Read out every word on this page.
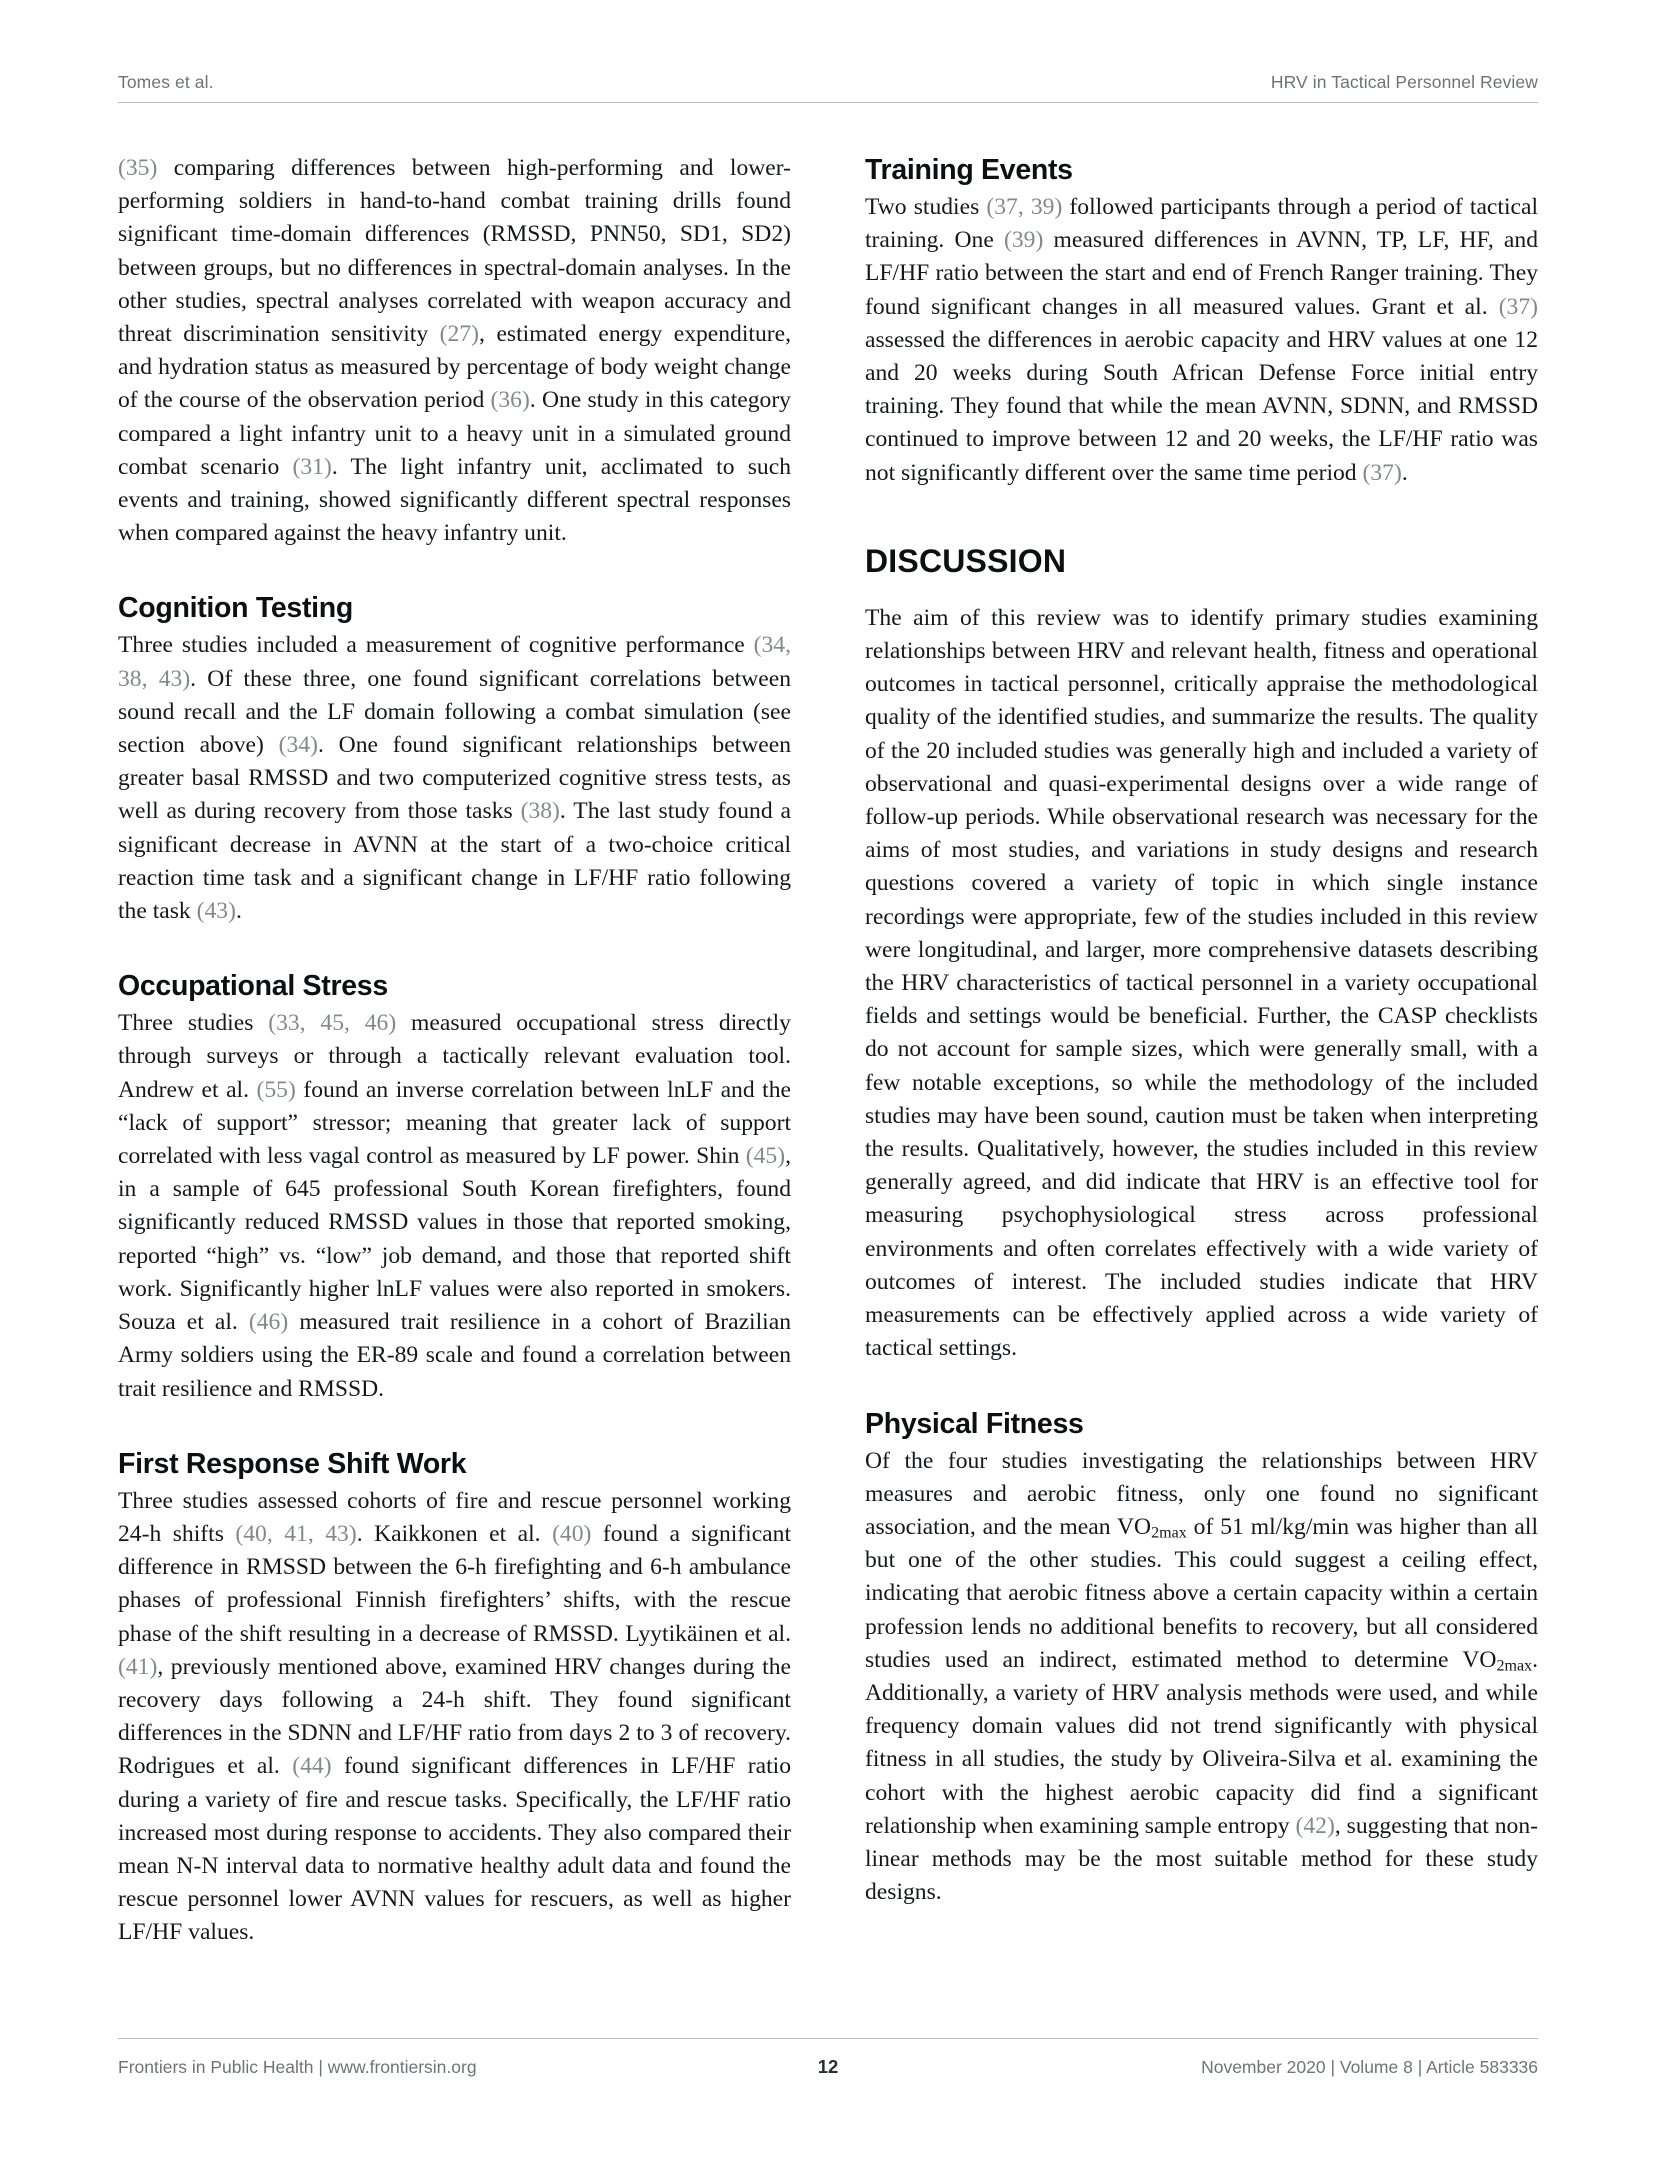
Tomes et al.	HRV in Tactical Personnel Review

(35) comparing differences between high-performing and lower-performing soldiers in hand-to-hand combat training drills found significant time-domain differences (RMSSD, PNN50, SD1, SD2) between groups, but no differences in spectral-domain analyses. In the other studies, spectral analyses correlated with weapon accuracy and threat discrimination sensitivity (27), estimated energy expenditure, and hydration status as measured by percentage of body weight change of the course of the observation period (36). One study in this category compared a light infantry unit to a heavy unit in a simulated ground combat scenario (31). The light infantry unit, acclimated to such events and training, showed significantly different spectral responses when compared against the heavy infantry unit.

Cognition Testing

Three studies included a measurement of cognitive performance (34, 38, 43). Of these three, one found significant correlations between sound recall and the LF domain following a combat simulation (see section above) (34). One found significant relationships between greater basal RMSSD and two computerized cognitive stress tests, as well as during recovery from those tasks (38). The last study found a significant decrease in AVNN at the start of a two-choice critical reaction time task and a significant change in LF/HF ratio following the task (43).

Occupational Stress

Three studies (33, 45, 46) measured occupational stress directly through surveys or through a tactically relevant evaluation tool. Andrew et al. (55) found an inverse correlation between lnLF and the “lack of support” stressor; meaning that greater lack of support correlated with less vagal control as measured by LF power. Shin (45), in a sample of 645 professional South Korean firefighters, found significantly reduced RMSSD values in those that reported smoking, reported “high” vs. “low” job demand, and those that reported shift work. Significantly higher lnLF values were also reported in smokers. Souza et al. (46) measured trait resilience in a cohort of Brazilian Army soldiers using the ER-89 scale and found a correlation between trait resilience and RMSSD.

First Response Shift Work

Three studies assessed cohorts of fire and rescue personnel working 24-h shifts (40, 41, 43). Kaikkonen et al. (40) found a significant difference in RMSSD between the 6-h firefighting and 6-h ambulance phases of professional Finnish firefighters’ shifts, with the rescue phase of the shift resulting in a decrease of RMSSD. Lyytikäinen et al. (41), previously mentioned above, examined HRV changes during the recovery days following a 24-h shift. They found significant differences in the SDNN and LF/HF ratio from days 2 to 3 of recovery. Rodrigues et al. (44) found significant differences in LF/HF ratio during a variety of fire and rescue tasks. Specifically, the LF/HF ratio increased most during response to accidents. They also compared their mean N-N interval data to normative healthy adult data and found the rescue personnel lower AVNN values for rescuers, as well as higher LF/HF values.

Training Events

Two studies (37, 39) followed participants through a period of tactical training. One (39) measured differences in AVNN, TP, LF, HF, and LF/HF ratio between the start and end of French Ranger training. They found significant changes in all measured values. Grant et al. (37) assessed the differences in aerobic capacity and HRV values at one 12 and 20 weeks during South African Defense Force initial entry training. They found that while the mean AVNN, SDNN, and RMSSD continued to improve between 12 and 20 weeks, the LF/HF ratio was not significantly different over the same time period (37).

DISCUSSION

The aim of this review was to identify primary studies examining relationships between HRV and relevant health, fitness and operational outcomes in tactical personnel, critically appraise the methodological quality of the identified studies, and summarize the results. The quality of the 20 included studies was generally high and included a variety of observational and quasi-experimental designs over a wide range of follow-up periods. While observational research was necessary for the aims of most studies, and variations in study designs and research questions covered a variety of topic in which single instance recordings were appropriate, few of the studies included in this review were longitudinal, and larger, more comprehensive datasets describing the HRV characteristics of tactical personnel in a variety occupational fields and settings would be beneficial. Further, the CASP checklists do not account for sample sizes, which were generally small, with a few notable exceptions, so while the methodology of the included studies may have been sound, caution must be taken when interpreting the results. Qualitatively, however, the studies included in this review generally agreed, and did indicate that HRV is an effective tool for measuring psychophysiological stress across professional environments and often correlates effectively with a wide variety of outcomes of interest. The included studies indicate that HRV measurements can be effectively applied across a wide variety of tactical settings.

Physical Fitness

Of the four studies investigating the relationships between HRV measures and aerobic fitness, only one found no significant association, and the mean $VO_{2max}$ of 51 ml/kg/min was higher than all but one of the other studies. This could suggest a ceiling effect, indicating that aerobic fitness above a certain capacity within a certain profession lends no additional benefits to recovery, but all considered studies used an indirect, estimated method to determine $VO_{2max}$. Additionally, a variety of HRV analysis methods were used, and while frequency domain values did not trend significantly with physical fitness in all studies, the study by Oliveira-Silva et al. examining the cohort with the highest aerobic capacity did find a significant relationship when examining sample entropy (42), suggesting that non-linear methods may be the most suitable method for these study designs.

Frontiers in Public Health | www.frontiersin.org	12	November 2020 | Volume 8 | Article 583336
